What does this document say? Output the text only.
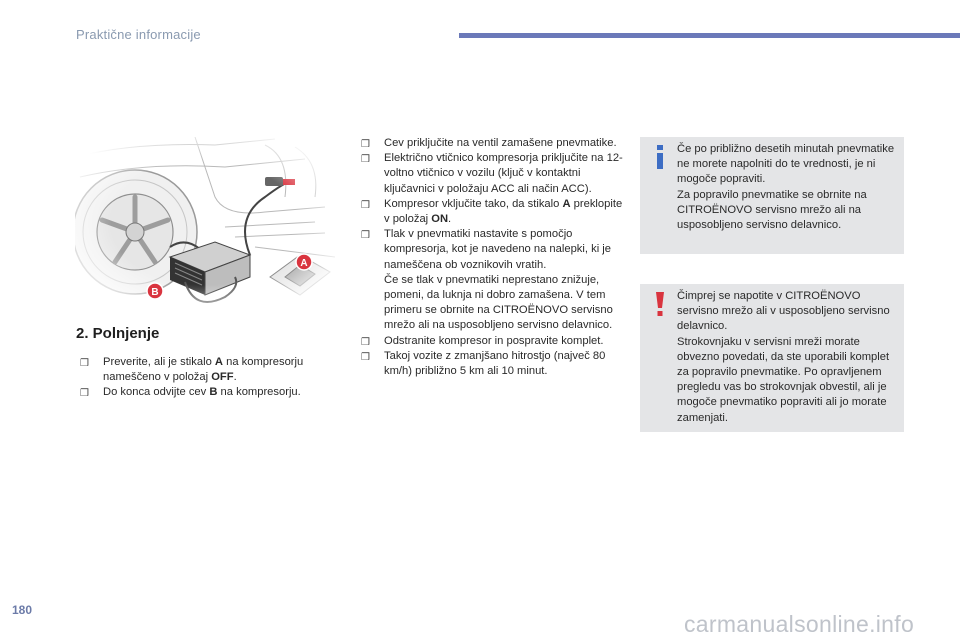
Praktične informacije
A
B
2. Polnjenje
❒ Preverite, ali je stikalo A na kompresorju nameščeno v položaj OFF.
❒ Do konca odvijte cev B na kompresorju.
❒ Cev priključite na ventil zamašene pnevmatike.
❒ Električno vtičnico kompresorja priključite na 12-voltno vtičnico v vozilu (ključ v kontaktni ključavnici v položaju ACC ali način ACC).
❒ Kompresor vključite tako, da stikalo A preklopite v položaj ON.
❒ Tlak v pnevmatiki nastavite s pomočjo kompresorja, kot je navedeno na nalepki, ki je nameščena ob voznikovih vratih.
Če se tlak v pnevmatiki neprestano znižuje, pomeni, da luknja ni dobro zamašena. V tem primeru se obrnite na CITROËNOVO servisno mrežo ali na usposobljeno servisno delavnico.
❒ Odstranite kompresor in pospravite komplet.
❒ Takoj vozite z zmanjšano hitrostjo (največ 80 km/h) približno 5 km ali 10 minut.
Če po približno desetih minutah pnevmatike ne morete napolniti do te vrednosti, je ni mogoče popraviti.
Za popravilo pnevmatike se obrnite na CITROËNOVO servisno mrežo ali na usposobljeno servisno delavnico.
Čimprej se napotite v CITROËNOVO servisno mrežo ali v usposobljeno servisno delavnico.
Strokovnjaku v servisni mreži morate obvezno povedati, da ste uporabili komplet za popravilo pnevmatike. Po opravljenem pregledu vas bo strokovnjak obvestil, ali je mogoče pnevmatiko popraviti ali jo morate zamenjati.
180
carmanualsonline.info
